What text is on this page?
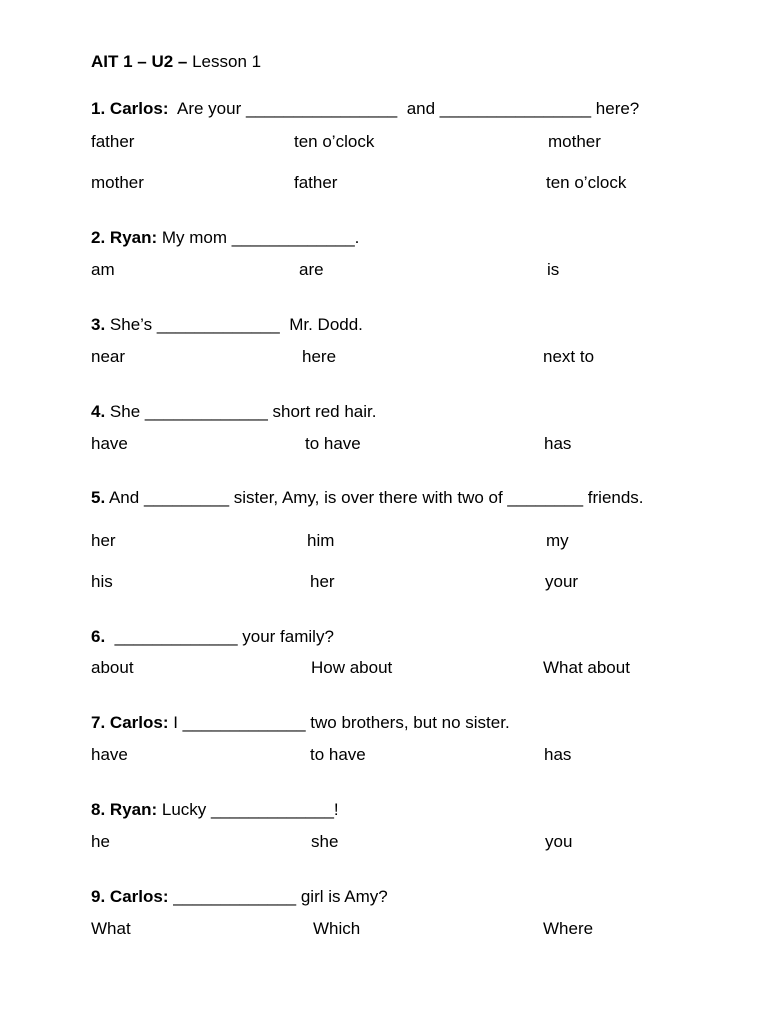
AIT 1 – U2 – Lesson 1
1. Carlos:  Are your ________________  and ________________ here?
father	ten o’clock	mother
mother	father	ten o’clock
2. Ryan: My mom _____________.
am	are	is
3. She’s _____________  Mr. Dodd.
near	here	next to
4. She _____________ short red hair.
have	to have	has
5. And _________ sister, Amy, is over there with two of ________ friends.
her	him	my
his	her	your
6.  _____________ your family?
about	How about	What about
7. Carlos: I _____________ two brothers, but no sister.
have	to have	has
8. Ryan: Lucky _____________!
he	she	you
9. Carlos: _____________ girl is Amy?
What	Which	Where
